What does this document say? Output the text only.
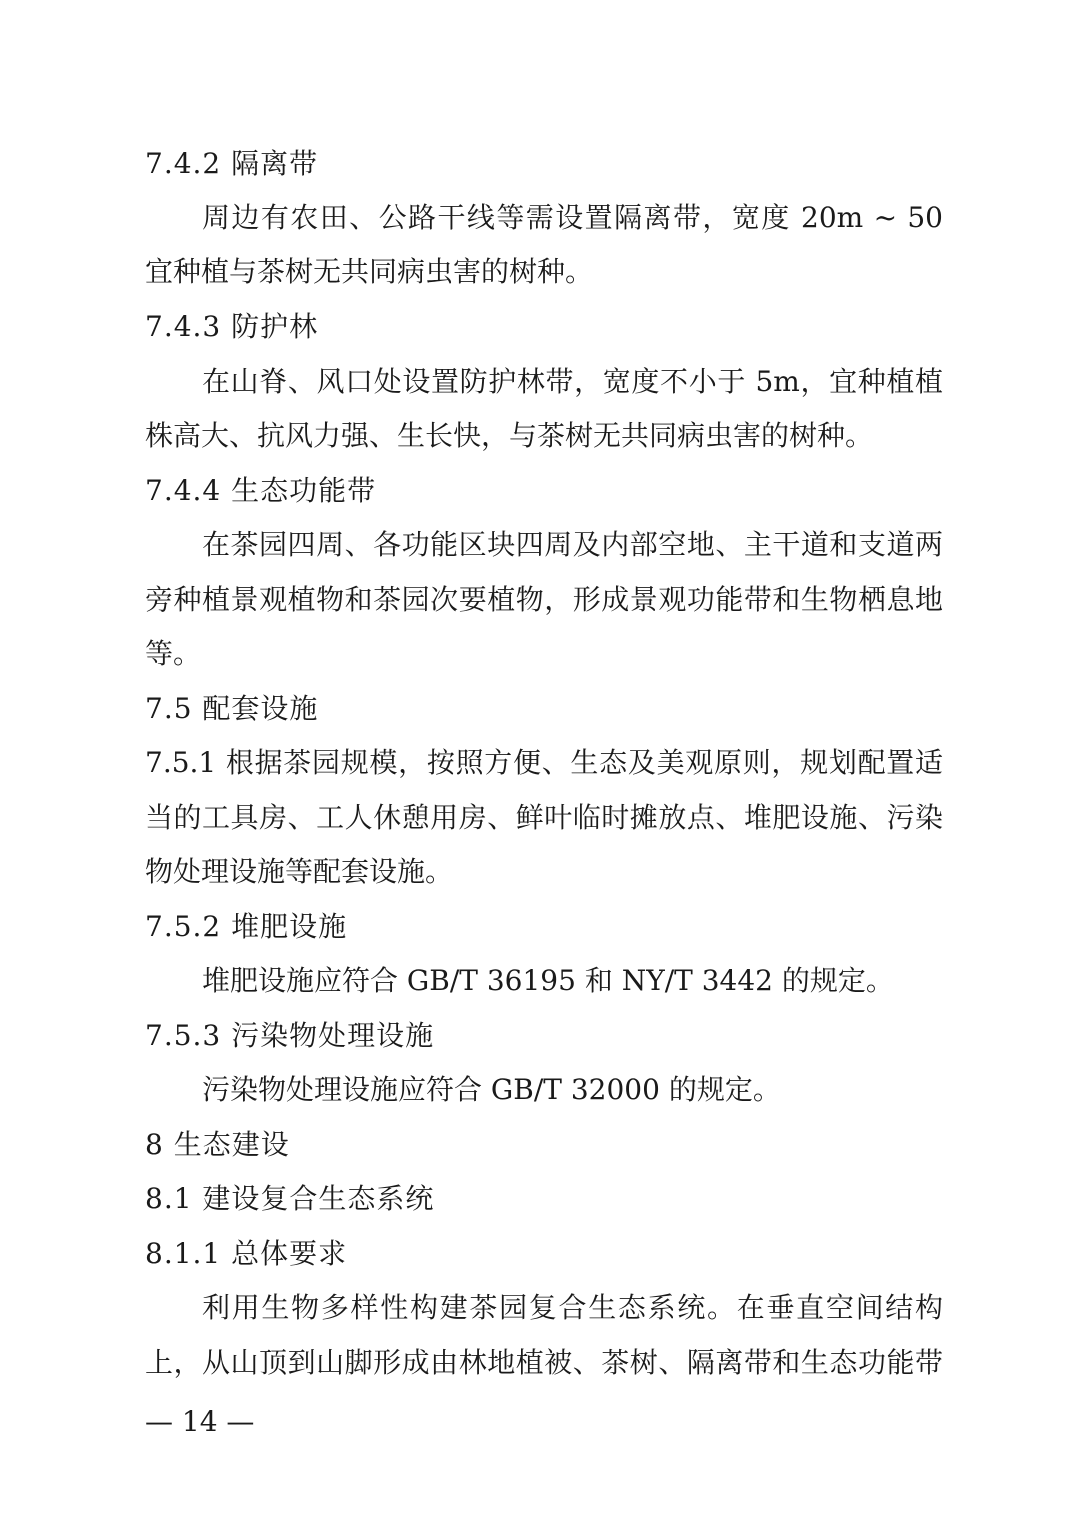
7.4.2 隔离带
周边有农田、公路干线等需设置隔离带，宽度 20m ~ 50
宜种植与茶树无共同病虫害的树种。
7.4.3 防护林
在山脊、风口处设置防护林带，宽度不小于 5m，宜种植植
株高大、抗风力强、生长快，与茶树无共同病虫害的树种。
7.4.4 生态功能带
在茶园四周、各功能区块四周及内部空地、主干道和支道两
旁种植景观植物和茶园次要植物，形成景观功能带和生物栖息地
等。
7.5 配套设施
7.5.1 根据茶园规模，按照方便、生态及美观原则，规划配置适
当的工具房、工人休憩用房、鲜叶临时摊放点、堆肥设施、污染
物处理设施等配套设施。
7.5.2 堆肥设施
堆肥设施应符合 GB/T 36195 和 NY/T 3442 的规定。
7.5.3 污染物处理设施
污染物处理设施应符合 GB/T 32000 的规定。
8 生态建设
8.1 建设复合生态系统
8.1.1 总体要求
利用生物多样性构建茶园复合生态系统。在垂直空间结构
上，从山顶到山脚形成由林地植被、茶树、隔离带和生态功能带
— 14 —
